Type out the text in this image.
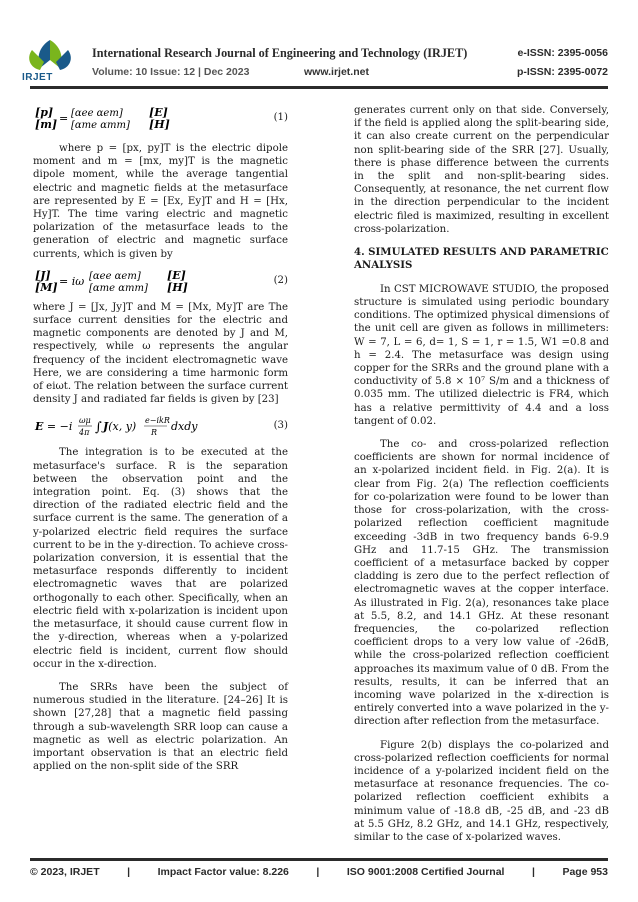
IRJET
International Research Journal of Engineering and Technology (IRJET)	e-ISSN: 2395-0056
Volume: 10 Issue: 12 | Dec 2023	www.irjet.net	p-ISSN: 2395-0072
[p]
[m] = [αee αem]
[αme αmm]
[E]
[H]
(1)

where p = [px, py]T is the electric dipole moment and m = [mx, my]T is the magnetic dipole moment, while the average tangential electric and magnetic fields at the metasurface are represented by E = [Ex, Ey]T and H = [Hx, Hy]T. The time varing electric and magnetic polarization of the metasurface leads to the generation of electric and magnetic surface currents, which is given by

[J]
[M] = iω [αee αem]
[αme αmm]
[E]
[H]
(2)

where J = [Jx, Jy]T and M = [Mx, My]T are The surface current densities for the electric and magnetic components are denoted by J and M, respectively, while ω represents the angular frequency of the incident electromagnetic wave Here, we are considering a time harmonic form of eiωt. The relation between the surface current density J and radiated far fields is given by [23]

E = −i ωμ
4π ∫ J(x, y) e−ikR
R dxdy	(3)

The integration is to be executed at the metasurface's surface. R is the separation between the observation point and the integration point. Eq. (3) shows that the direction of the radiated electric field and the surface current is the same. The generation of a y-polarized electric field requires the surface current to be in the y-direction. To achieve cross-polarization conversion, it is essential that the metasurface responds differently to incident electromagnetic waves that are polarized orthogonally to each other. Specifically, when an electric field with x-polarization is incident upon the metasurface, it should cause current flow in the y-direction, whereas when a y-polarized electric field is incident, current flow should occur in the x-direction.

The SRRs have been the subject of numerous studied in the literature. [24–26] It is shown [27,28] that a magnetic field passing through a sub-wavelength SRR loop can cause a magnetic as well as electric polarization. An important observation is that an electric field applied on the non-split side of the SRR

generates current only on that side. Conversely, if the field is applied along the split-bearing side, it can also create current on the perpendicular non split-bearing side of the SRR [27]. Usually, there is phase difference between the currents in the split and non-split-bearing sides. Consequently, at resonance, the net current flow in the direction perpendicular to the incident electric filed is maximized, resulting in excellent cross-polarization.

4. SIMULATED RESULTS AND PARAMETRIC ANALYSIS

In CST MICROWAVE STUDIO, the proposed structure is simulated using periodic boundary conditions. The optimized physical dimensions of the unit cell are given as follows in millimeters: W = 7, L = 6, d= 1, S = 1, r = 1.5, W1 =0.8 and h = 2.4. The metasurface was design using copper for the SRRs and the ground plane with a conductivity of 5.8 × 10⁷ S/m and a thickness of 0.035 mm. The utilized dielectric is FR4, which has a relative permittivity of 4.4 and a loss tangent of 0.02.

The co- and cross-polarized reflection coefficients are shown for normal incidence of an x-polarized incident field. in Fig. 2(a). It is clear from Fig. 2(a) The reflection coefficients for co-polarization were found to be lower than those for cross-polarization, with the cross-polarized reflection coefficient magnitude exceeding -3dB in two frequency bands 6-9.9 GHz and 11.7-15 GHz. The transmission coefficient of a metasurface backed by copper cladding is zero due to the perfect reflection of electromagnetic waves at the copper interface. As illustrated in Fig. 2(a), resonances take place at 5.5, 8.2, and 14.1 GHz. At these resonant frequencies, the co-polarized reflection coefficient drops to a very low value of -26dB, while the cross-polarized reflection coefficient approaches its maximum value of 0 dB. From the results, results, it can be inferred that an incoming wave polarized in the x-direction is entirely converted into a wave polarized in the y-direction after reflection from the metasurface.

Figure 2(b) displays the co-polarized and cross-polarized reflection coefficients for normal incidence of a y-polarized incident field on the metasurface at resonance frequencies. The co-polarized reflection coefficient exhibits a minimum value of -18.8 dB, -25 dB, and -23 dB at 5.5 GHz, 8.2 GHz, and 14.1 GHz, respectively, similar to the case of x-polarized waves.

© 2023, IRJET	|	Impact Factor value: 8.226	|	ISO 9001:2008 Certified Journal	|	Page 953
